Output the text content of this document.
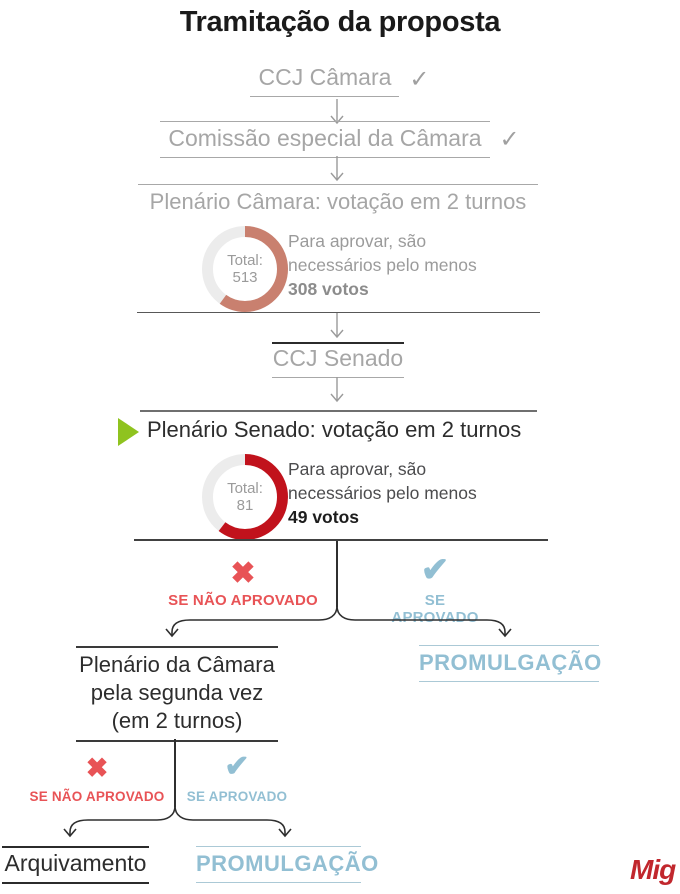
Tramitação da proposta
CCJ Câmara ✓
Comissão especial da Câmara ✓
Plenário Câmara: votação em 2 turnos
Total:
513
Para aprovar, são
necessários pelo menos
308 votos
CCJ Senado
Plenário Senado: votação em 2 turnos
Total:
81
Para aprovar, são
necessários pelo menos
49 votos
✖
SE NÃO APROVADO
✔
SE APROVADO
Plenário da Câmara
pela segunda vez
(em 2 turnos)
PROMULGAÇÃO
✖
SE NÃO APROVADO
✔
SE APROVADO
Arquivamento PROMULGAÇÃO	Mig
